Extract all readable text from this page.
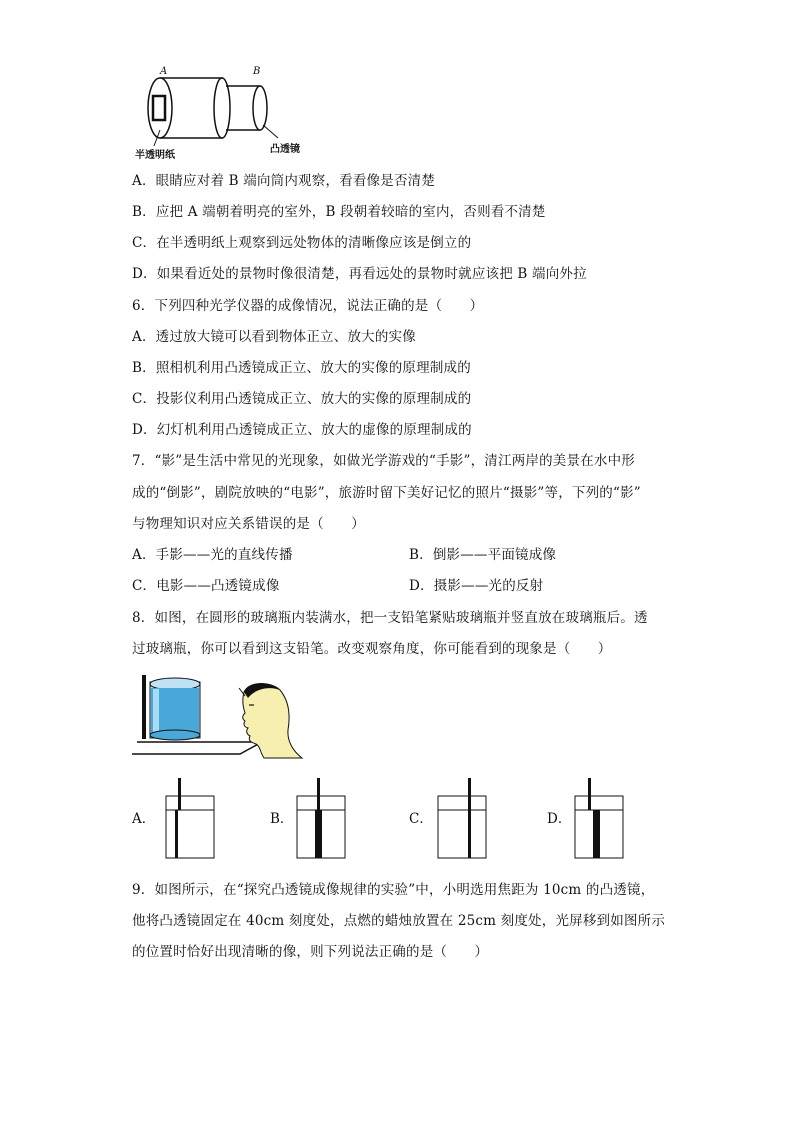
A	B
半透明纸
凸透镜
A．眼睛应对着 B 端向筒内观察，看看像是否清楚
B．应把 A 端朝着明亮的室外，B 段朝着较暗的室内，否则看不清楚
C．在半透明纸上观察到远处物体的清晰像应该是倒立的
D．如果看近处的景物时像很清楚，再看远处的景物时就应该把 B 端向外拉
6．下列四种光学仪器的成像情况，说法正确的是（　　）
A．透过放大镜可以看到物体正立、放大的实像
B．照相机利用凸透镜成正立、放大的实像的原理制成的
C．投影仪利用凸透镜成正立、放大的实像的原理制成的
D．幻灯机利用凸透镜成正立、放大的虚像的原理制成的
7．“影”是生活中常见的光现象，如做光学游戏的“手影”，清江两岸的美景在水中形
成的“倒影”，剧院放映的“电影”，旅游时留下美好记忆的照片“摄影”等，下列的“影”
与物理知识对应关系错误的是（　　）
A．手影——光的直线传播	B．倒影——平面镜成像
C．电影——凸透镜成像	D．摄影——光的反射
8．如图，在圆形的玻璃瓶内装满水，把一支铅笔紧贴玻璃瓶并竖直放在玻璃瓶后。透
过玻璃瓶，你可以看到这支铅笔。改变观察角度，你可能看到的现象是（　　）
A．	B．	C．	D．
9．如图所示，在“探究凸透镜成像规律的实验”中，小明选用焦距为 10cm 的凸透镜，
他将凸透镜固定在 40cm 刻度处，点燃的蜡烛放置在 25cm 刻度处，光屏移到如图所示
的位置时恰好出现清晰的像，则下列说法正确的是（　　）
